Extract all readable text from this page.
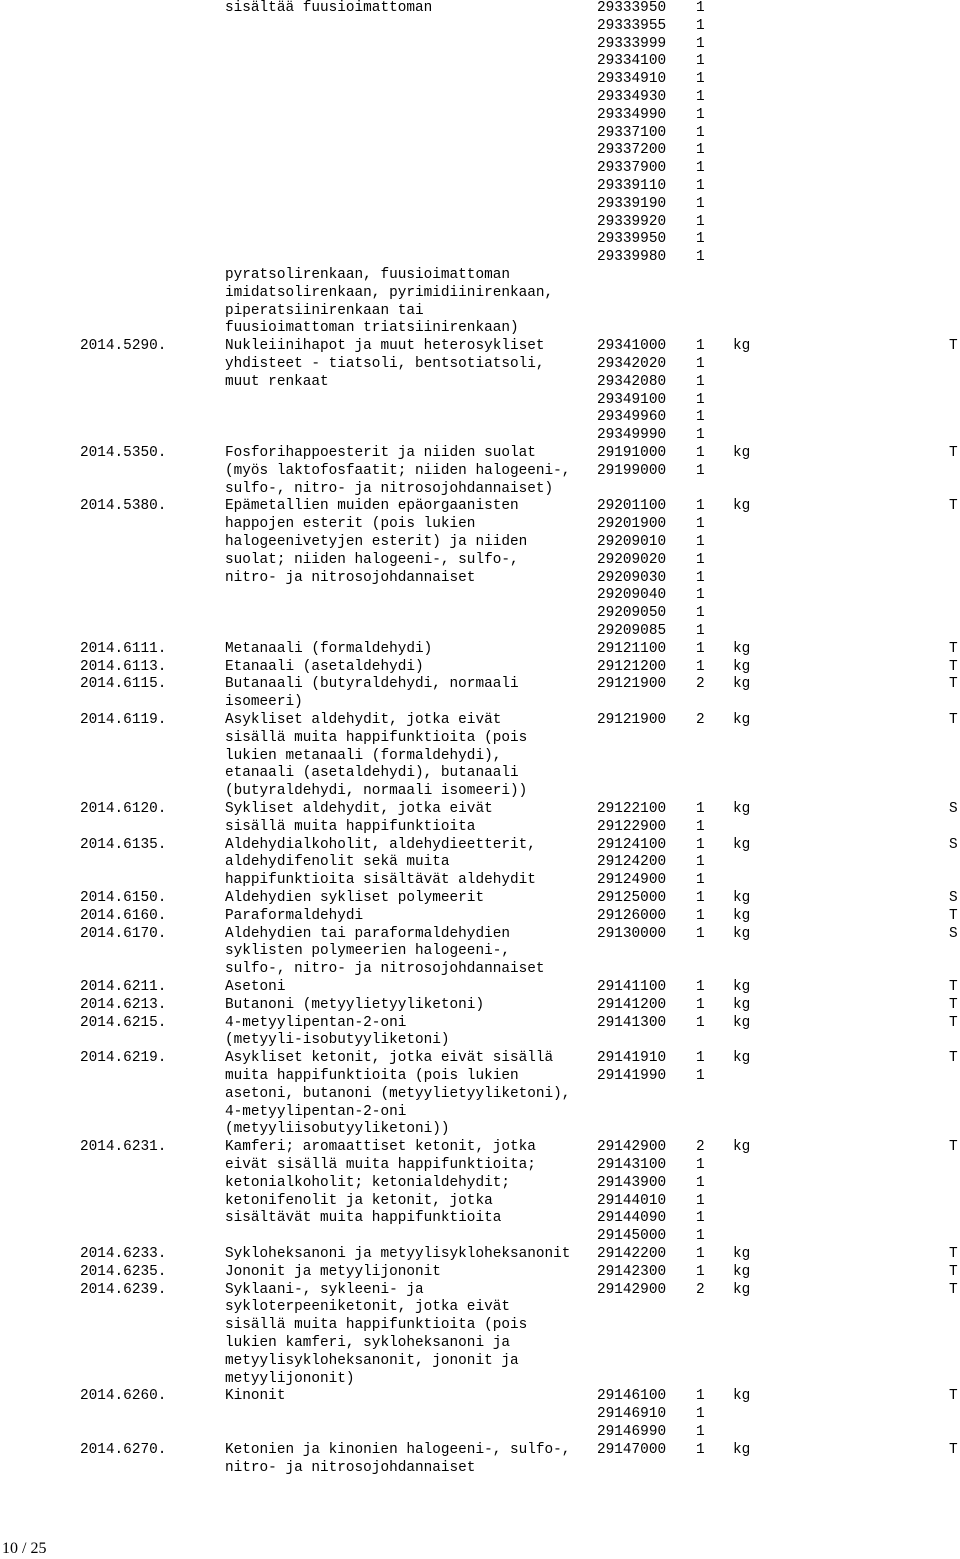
sisältää fuusioimattoman	29333950 1
29333955 1
29333999 1
29334100 1
29334910 1
29334930 1
29334990 1
29337100 1
29337200 1
29337900 1
29339110 1
29339190 1
29339920 1
29339950 1
29339980 1
pyratsolirenkaan, fuusioimattoman
imidatsolirenkaan, pyrimidiinirenkaan,
piperatsiinirenkaan tai
fuusioimattoman triatsiinirenkaan)
2014.5290.	Nukleiinihapot ja muut heterosykliset	29341000 1 kg	T
yhdisteet - tiatsoli, bentsotiatsoli,	29342020 1
muut renkaat	29342080 1
29349100 1
29349960 1
29349990 1
2014.5350.	Fosforihappoesterit ja niiden suolat	29191000 1 kg	T
(myös laktofosfaatit; niiden halogeeni-, 29199000 1
sulfo-, nitro- ja nitrosojohdannaiset)
2014.5380.	Epämetallien muiden epäorgaanisten	29201100 1 kg	T
happojen esterit (pois lukien	29201900 1
halogeenivetyjen esterit) ja niiden	29209010 1
suolat; niiden halogeeni-, sulfo-,	29209020 1
nitro- ja nitrosojohdannaiset	29209030 1
29209040 1
29209050 1
29209085 1
2014.6111.	Metanaali (formaldehydi)	29121100 1 kg	T
2014.6113.	Etanaali (asetaldehydi)	29121200 1 kg	T
2014.6115.	Butanaali (butyraldehydi, normaali	29121900 2 kg	T
isomeeri)
2014.6119.	Asykliset aldehydit, jotka eivät	29121900 2 kg	T
sisällä muita happifunktioita (pois
lukien metanaali (formaldehydi),
etanaali (asetaldehydi), butanaali
(butyraldehydi, normaali isomeeri))
2014.6120.	Sykliset aldehydit, jotka eivät	29122100 1 kg	S
sisällä muita happifunktioita	29122900 1
2014.6135.	Aldehydialkoholit, aldehydieetterit,	29124100 1 kg	S
aldehydifenolit sekä muita	29124200 1
happifunktioita sisältävät aldehydit	29124900 1
2014.6150.	Aldehydien sykliset polymeerit	29125000 1 kg	S
2014.6160.	Paraformaldehydi	29126000 1 kg	T
2014.6170.	Aldehydien tai paraformaldehydien	29130000 1 kg	S
syklisten polymeerien halogeeni-,
sulfo-, nitro- ja nitrosojohdannaiset
2014.6211.	Asetoni	29141100 1 kg	T
2014.6213.	Butanoni (metyylietyyliketoni)	29141200 1 kg	T
2014.6215.	4-metyylipentan-2-oni	29141300 1 kg	T
(metyyli-isobutyyliketoni)
2014.6219.	Asykliset ketonit, jotka eivät sisällä	29141910 1 kg	T
muita happifunktioita (pois lukien	29141990 1
asetoni, butanoni (metyylietyyliketoni),
4-metyylipentan-2-oni
(metyyliisobutyyliketoni))
2014.6231.	Kamferi; aromaattiset ketonit, jotka	29142900 2 kg	T
eivät sisällä muita happifunktioita;	29143100 1
ketonialkoholit; ketonialdehydit;	29143900 1
ketonifenolit ja ketonit, jotka	29144010 1
sisältävät muita happifunktioita	29144090 1
29145000 1
2014.6233.	Sykloheksanoni ja metyylisykloheksanonit 29142200 1 kg	T
2014.6235.	Jononit ja metyylijononit	29142300 1 kg	T
2014.6239.	Syklaani-, sykleeni- ja	29142900 2 kg	T
sykloterpeeniketonit, jotka eivät
sisällä muita happifunktioita (pois
lukien kamferi, sykloheksanoni ja
metyylisykloheksanonit, jononit ja
metyylijononit)
2014.6260.	Kinonit	29146100 1 kg	T
29146910 1
29146990 1
2014.6270.	Ketonien ja kinonien halogeeni-, sulfo-, 29147000 1 kg	T
nitro- ja nitrosojohdannaiset
10 / 25
